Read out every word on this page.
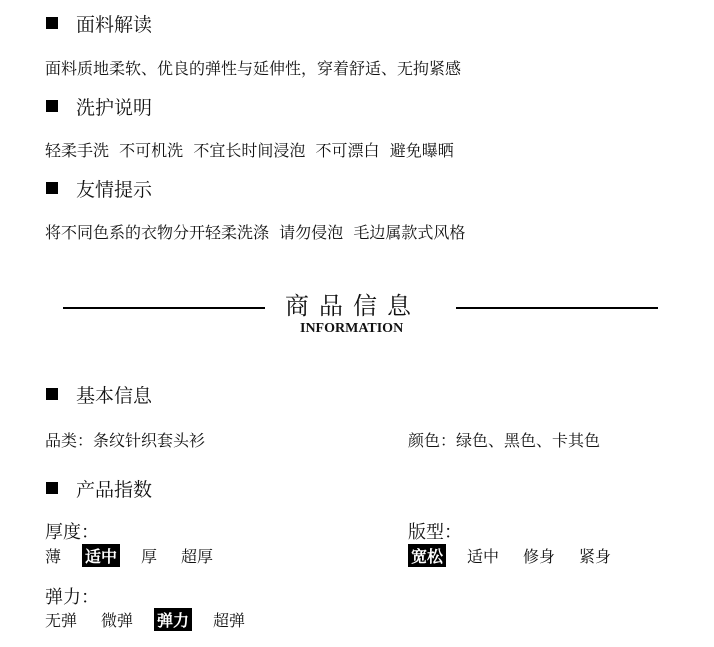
面料解读
面料质地柔软、优良的弹性与延伸性，穿着舒适、无拘紧感
洗护说明
轻柔手洗  不可机洗  不宜长时间浸泡  不可漂白  避免曝晒
友情提示
将不同色系的衣物分开轻柔洗涤  请勿侵泡  毛边属款式风格
商品信息
INFORMATION
基本信息
品类：条纹针织套头衫	颜色：绿色、黑色、卡其色
产品指数
厚度：
薄 适中 厚 超厚
版型：
宽松 适中 修身 紧身
弹力：
无弹 微弹 弹力 超弹
